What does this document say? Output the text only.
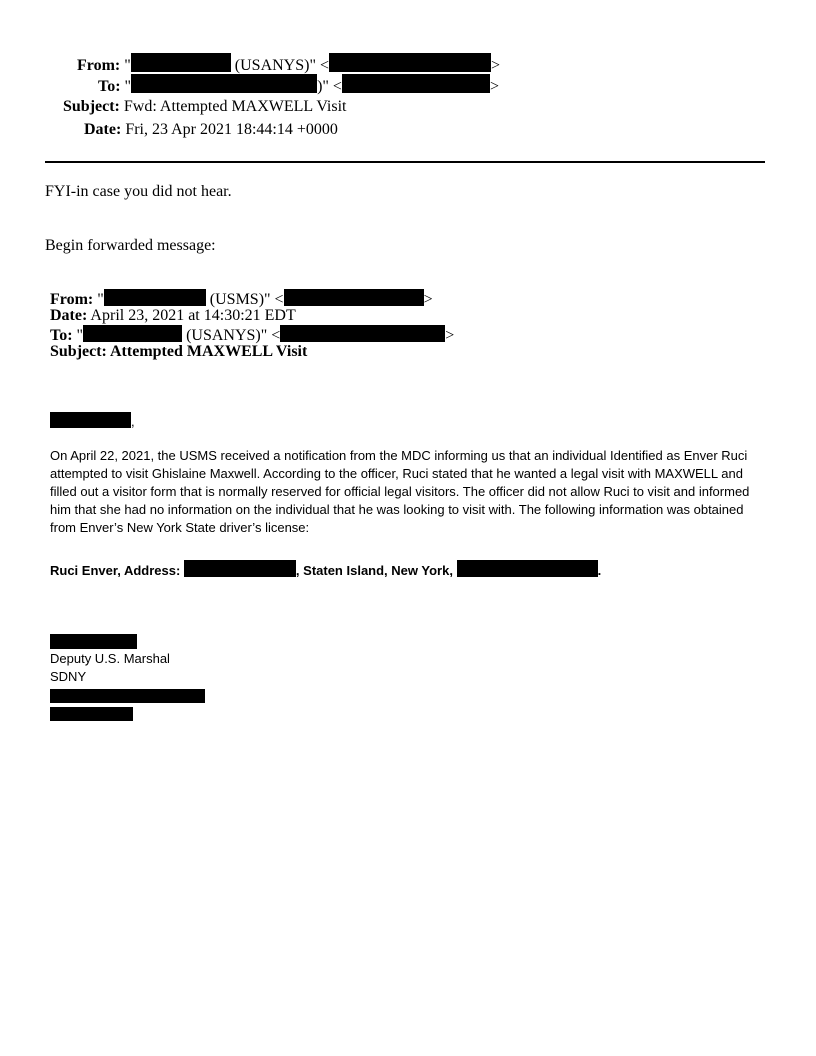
From: "	(USANYS)" <	>
To: "	)" <	>
Subject: Fwd: Attempted MAXWELL Visit
Date: Fri, 23 Apr 2021 18:44:14 +0000
FYI-in case you did not hear.
Begin forwarded message:
From: "	(USMS)" <	>
Date: April 23, 2021 at 14:30:21 EDT
To: "	(USANYS)" <	>
Subject: Attempted MAXWELL Visit
,
On April 22, 2021, the USMS received a notification from the MDC informing us that an individual Identified as Enver Ruci attempted to visit Ghislaine Maxwell. According to the officer, Ruci stated that he wanted a legal visit with MAXWELL and filled out a visitor form that is normally reserved for official legal visitors. The officer did not allow Ruci to visit and informed him that she had no information on the individual that he was looking to visit with. The following information was obtained from Enver’s New York State driver’s license:
Ruci Enver, Address:	, Staten Island, New York,	.
Deputy U.S. Marshal
SDNY
